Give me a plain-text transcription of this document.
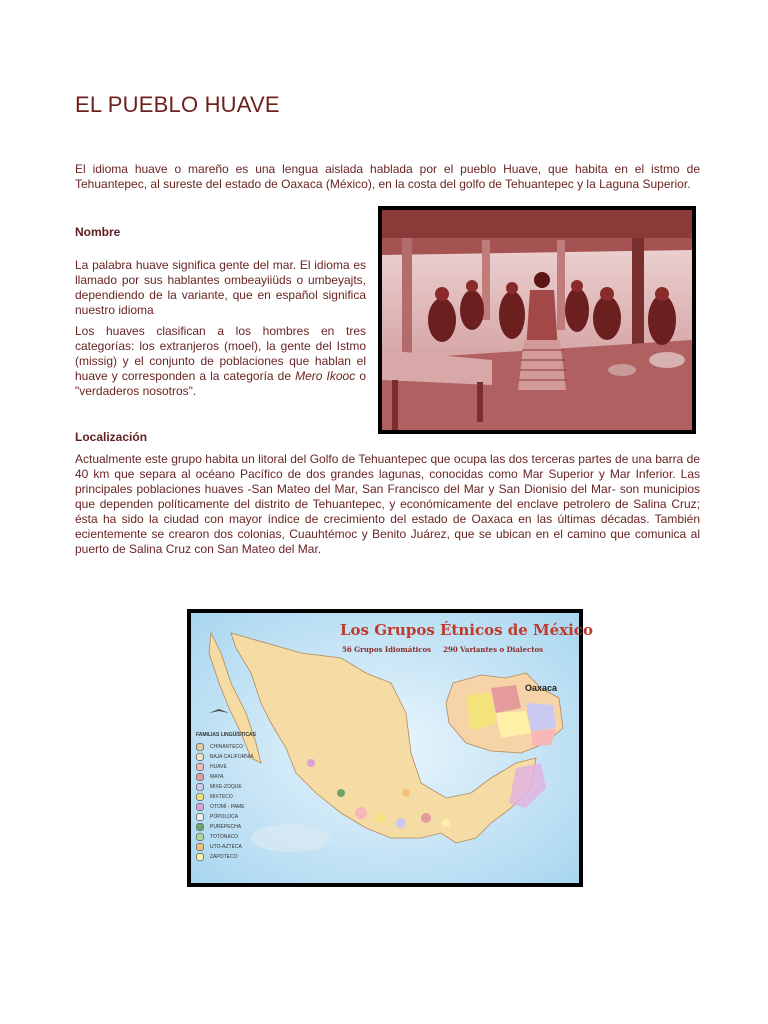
EL PUEBLO HUAVE

El idioma huave o mareño es una lengua aislada hablada por el pueblo Huave, que habita en el istmo de Tehuantepec, al sureste del estado de Oaxaca (México), en la costa del golfo de Tehuantepec y la Laguna Superior.

Nombre

La palabra huave significa gente del mar. El idioma es llamado por sus hablantes ombeayiiüds o umbeyajts, dependiendo de la variante, que en español significa nuestro idioma

Los huaves clasifican a los hombres en tres categorías: los extranjeros (moel), la gente del Istmo (missig) y el conjunto de poblaciones que hablan el huave y corresponden a la categoría de Mero Ikooc o "verdaderos nosotros".

Localización

Actualmente este grupo habita un litoral del Golfo de Tehuantepec que ocupa las dos terceras partes de una barra de 40 km que separa al océano Pacífico de dos grandes lagunas, conocidas como Mar Superior y Mar Inferior. Las principales poblaciones huaves -San Mateo del Mar, San Francisco del Mar y San Dionisio del Mar- son municipios que dependen políticamente del distrito de Tehuantepec, y económicamente del enclave petrolero de Salina Cruz; ésta ha sido la ciudad con mayor índice de crecimiento del estado de Oaxaca en las últimas décadas. También ecientemente se crearon dos colonias, Cuauhtémoc y Benito Juárez, que se ubican en el camino que comunica al puerto de Salina Cruz con San Mateo del Mar.

Los Grupos Étnicos de México
56 Grupos Idiomáticos 290 Variantes o Dialectos
Oaxaca
FAMILIAS LINGÜÍSTICAS
CHINANTECO
BAJA CALIFORNIA
HUAVE
MAYA
MIXE-ZOQUE
MIXTECO
OTOMÍ - PAME
POPOLOCA
PURÉPECHA
TOTONACO
UTO-AZTECA
ZAPOTECO
